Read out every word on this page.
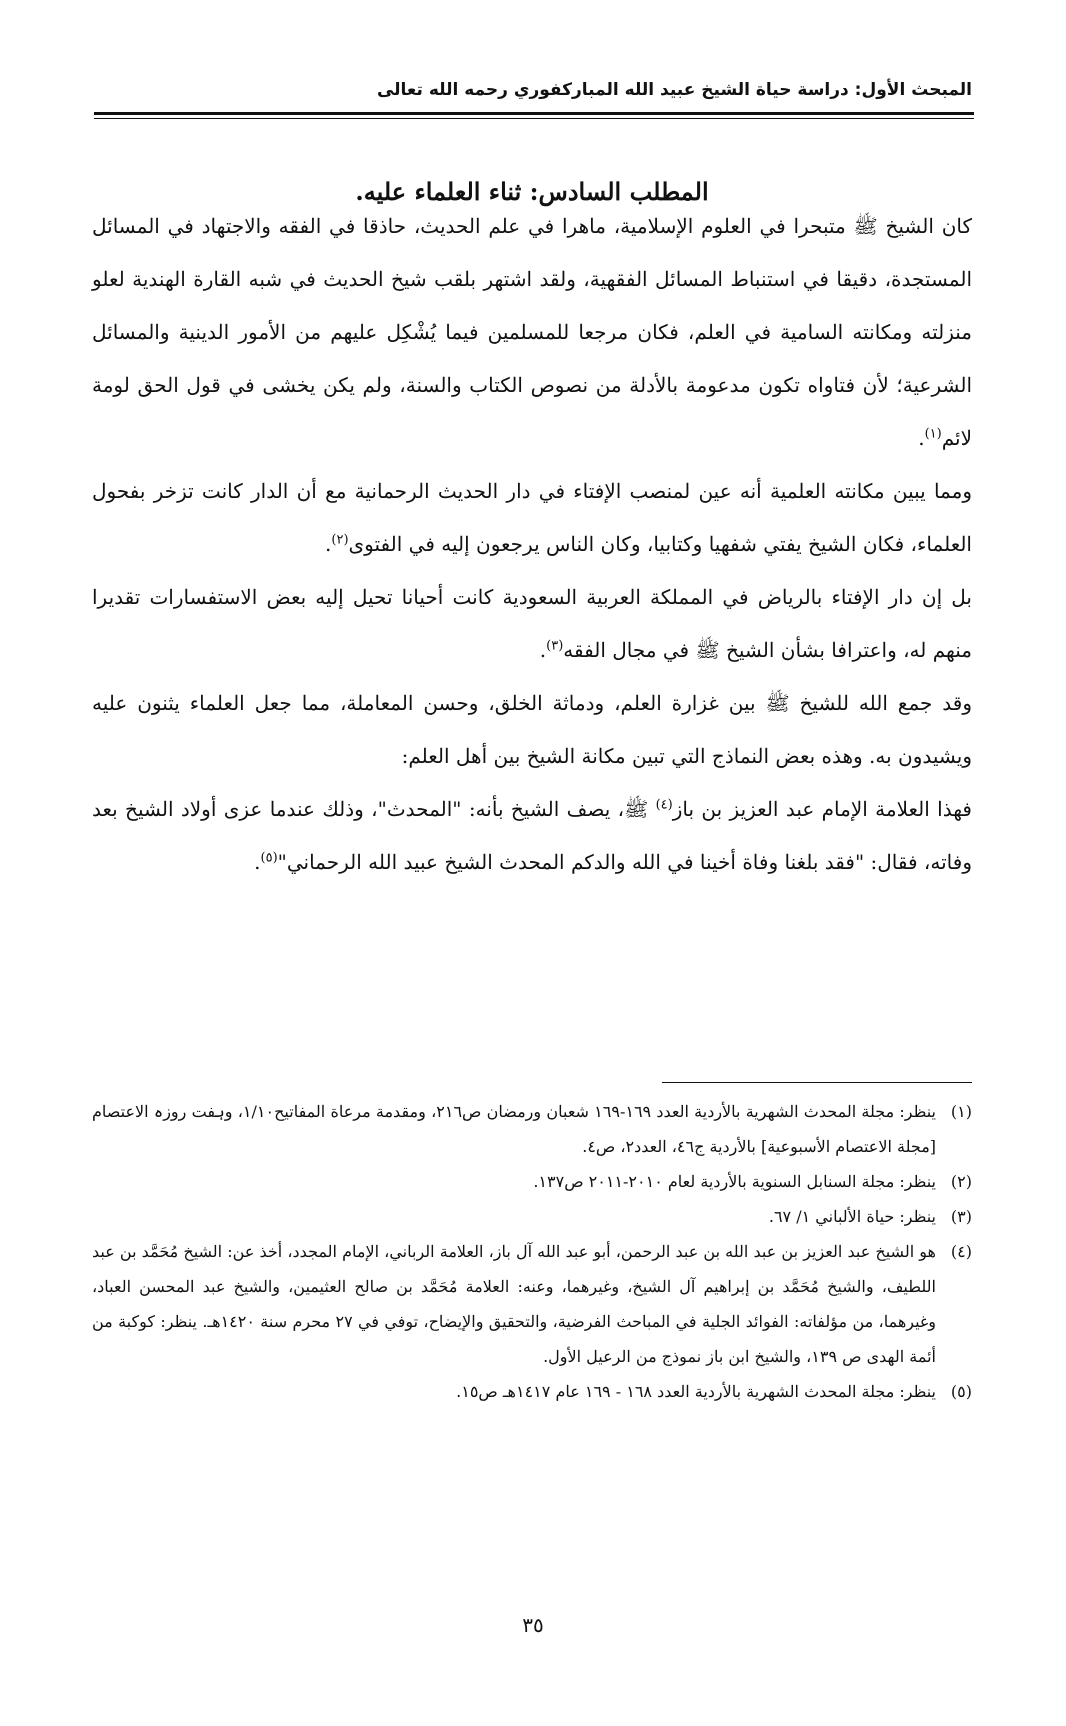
المبحث الأول: دراسة حياة الشيخ عبيد الله المباركفوري رحمه الله تعالى
المطلب السادس: ثناء العلماء عليه.

كان الشيخ ﷺ متبحرا في العلوم الإسلامية، ماهرا في علم الحديث، حاذقا في الفقه والاجتهاد في المسائل المستجدة، دقيقا في استنباط المسائل الفقهية، ولقد اشتهر بلقب شيخ الحديث في شبه القارة الهندية لعلو منزلته ومكانته السامية في العلم، فكان مرجعا للمسلمين فيما يُشْكِل عليهم من الأمور الدينية والمسائل الشرعية؛ لأن فتاواه تكون مدعومة بالأدلة من نصوص الكتاب والسنة، ولم يكن يخشى في قول الحق لومة لائم$^{(١)}$.

ومما يبين مكانته العلمية أنه عين لمنصب الإفتاء في دار الحديث الرحمانية مع أن الدار كانت تزخر بفحول العلماء، فكان الشيخ يفتي شفهيا وكتابيا، وكان الناس يرجعون إليه في الفتوى$^{(٢)}$.

بل إن دار الإفتاء بالرياض في المملكة العربية السعودية كانت أحيانا تحيل إليه بعض الاستفسارات تقديرا منهم له، واعترافا بشأن الشيخ ﷺ في مجال الفقه$^{(٣)}$.

وقد جمع الله للشيخ ﷺ بين غزارة العلم، ودماثة الخلق، وحسن المعاملة، مما جعل العلماء يثنون عليه ويشيدون به. وهذه بعض النماذج التي تبين مكانة الشيخ بين أهل العلم:

فهذا العلامة الإمام عبد العزيز بن باز$^{(٤)}$ ﷺ، يصف الشيخ بأنه: "المحدث"، وذلك عندما عزى أولاد الشيخ بعد وفاته، فقال: "فقد بلغنا وفاة أخينا في الله والدكم المحدث الشيخ عبيد الله الرحماني"$^{(٥)}$.

(١)
ينظر: مجلة المحدث الشهرية بالأردية العدد ١٦٩-١٦٩ شعبان ورمضان ص٢١٦، ومقدمة مرعاة المفاتيح١/١٠، وہفت روزہ الاعتصام [مجلة الاعتصام الأسبوعية] بالأردية ج٤٦، العدد٢، ص٤.
(٢)
ينظر: مجلة السنابل السنوية بالأردية لعام ٢٠١٠-٢٠١١ ص١٣٧.
(٣)
ينظر: حياة الألباني ١/ ٦٧.
(٤)
هو الشيخ عبد العزيز بن عبد الله بن عبد الرحمن، أبو عبد الله آل باز، العلامة الرباني، الإمام المجدد، أخذ عن: الشيخ مُحَمَّد بن عبد اللطيف، والشيخ مُحَمَّد بن إبراهيم آل الشيخ، وغيرهما، وعنه: العلامة مُحَمَّد بن صالح العثيمين، والشيخ عبد المحسن العباد، وغيرهما، من مؤلفاته: الفوائد الجلية في المباحث الفرضية، والتحقيق والإيضاح، توفي في ٢٧ محرم سنة ١٤٢٠هـ. ينظر: كوكبة من أئمة الهدى ص ١٣٩، والشيخ ابن باز نموذج من الرعيل الأول.
(٥)
ينظر: مجلة المحدث الشهرية بالأردية العدد ١٦٨ - ١٦٩ عام ١٤١٧هـ ص١٥.
٣٥
